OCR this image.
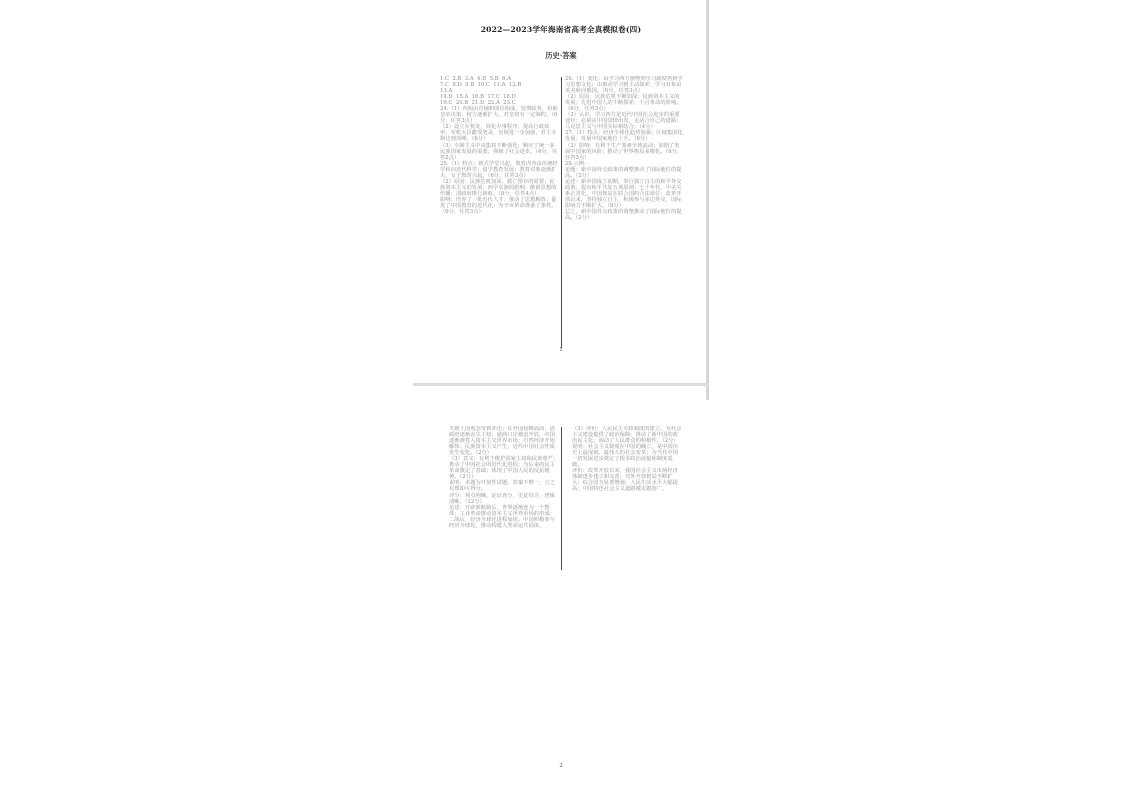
2022—2023学年海南省高考全真模拟卷(四)
历史·答案
1.C  2.B  3.A  4.D  5.B  6.A
7.C  8.D  9.B  10.C  11.A  12.B
13.A
14.D  15.A  16.B  17.C  18.D
19.C  20.B  21.D  22.A  23.C
24.（1）内阁由首辅和阁臣组成，处理政务，协助皇帝决策；权力逐渐扩大，对皇权有一定制约。（6分，任答3点）
（2）设立军机处，简化办事程序，提高行政效率；军机大臣跪受笔录，皇权进一步加强，君主专制达到顶峰。（6分）
（3）专制主义中央集权不断强化；顺应了统一多民族国家发展的需要；抑制了社会进步。（4分，任答2点）
25.（1）特点：新式学堂兴起，教育内容由传统经学转向近代科学；留学教育发展；教育对象逐渐扩大，女子教育兴起。（6分，任答3点）
（2）原因：民族危机加深，救亡图存的需要；民族资本主义的发展；西学东渐的影响；维新思想的传播；清政府推行新政。（8分，任答4点）
影响：培养了一批近代人才；推动了思想解放；促进了中国教育的近代化；为辛亥革命准备了条件。（6分，任答3点）
26.（1）变化：由学习西方器物到学习制度再到学习思想文化；由被动学习到主动探索；学习对象由英美转向俄国。（6分，任答3点）
（2）原因：民族危机不断加深；民族资本主义的发展；先进中国人的不断探索；十月革命的影响。（6分，任答3点）
（3）认识：学习西方是近代中国社会进步的重要途径；必须从中国国情出发，走适合自己的道路；马克思主义与中国实际相结合。（4分）
27.（1）特点：经济全球化趋势加强；区域集团化发展；发展中国家地位上升。（6分）
（2）影响：有利于生产要素全球流动；加剧了发展中国家的风险；推动了世界格局多极化。（6分，任答3点）
28.示例：
论题：新中国外交政策的调整推动了国际地位的提高。（2分）
论述：新中国成立初期，奉行独立自主的和平外交政策，提出和平共处五项原则；七十年代，中美关系正常化，中国恢复在联合国的合法席位；改革开放以来，坚持独立自主，积极参与多边外交，国际影响力不断扩大。（8分）
总之，新中国外交政策的调整推动了国际地位的提高。（2分）
1
天朝上国观念受到冲击；在外国侵略面前，清政府逐渐丧失主权；通商口岸被迫开放，中国逐渐被卷入资本主义世界市场；自然经济开始解体；民族资本主义产生；近代中国社会性质发生变化。（2分）
（3）意义：有利于维护国家主权和民族尊严；推动了中国社会的近代化进程；为后来的民主革命奠定了基础；体现了中国人民的反抗精神。（2分）
说明：本题为开放性试题，答案不唯一，言之有理即可得分。
评分：观点明确，论证充分，史论结合，逻辑清晰。（12分）
论述：开辟新航路后，世界逐渐连为一个整体；工业革命推动资本主义世界市场的形成；二战后，经济全球化进程加快；中国积极参与经济全球化，推动构建人类命运共同体。
（3）评价：人民民主专政制度的建立，为社会主义建设提供了政治保障；推动了新中国的政治民主化；调动了人民群众的积极性。（2分）
说明：社会主义制度在中国的确立，是中国历史上最深刻、最伟大的社会变革；为当代中国一切发展进步奠定了根本政治前提和制度基础。
评价：改革开放以来，我国社会主义市场经济体制逐步建立和完善；对外开放格局不断扩大；综合国力显著增强；人民生活水平大幅提高；中国特色社会主义道路越走越宽广。
2
